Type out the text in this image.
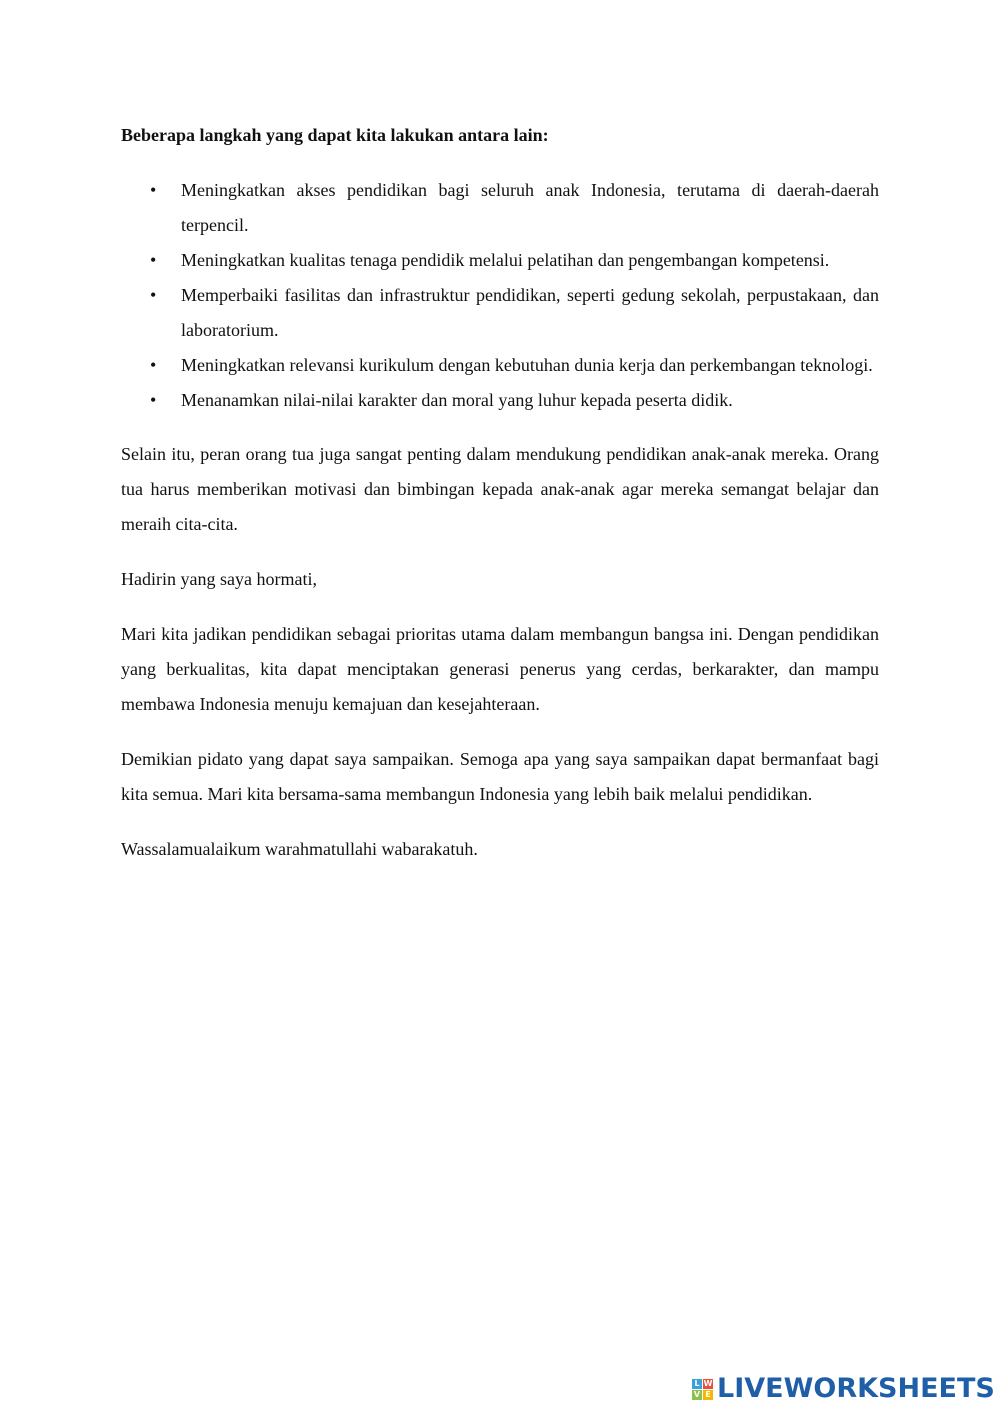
Beberapa langkah yang dapat kita lakukan antara lain:
• Meningkatkan akses pendidikan bagi seluruh anak Indonesia, terutama di daerah-daerah terpencil.
• Meningkatkan kualitas tenaga pendidik melalui pelatihan dan pengembangan kompetensi.
• Memperbaiki fasilitas dan infrastruktur pendidikan, seperti gedung sekolah, perpustakaan, dan laboratorium.
• Meningkatkan relevansi kurikulum dengan kebutuhan dunia kerja dan perkembangan teknologi.
• Menanamkan nilai-nilai karakter dan moral yang luhur kepada peserta didik.

Selain itu, peran orang tua juga sangat penting dalam mendukung pendidikan anak-anak mereka. Orang tua harus memberikan motivasi dan bimbingan kepada anak-anak agar mereka semangat belajar dan meraih cita-cita.

Hadirin yang saya hormati,

Mari kita jadikan pendidikan sebagai prioritas utama dalam membangun bangsa ini. Dengan pendidikan yang berkualitas, kita dapat menciptakan generasi penerus yang cerdas, berkarakter, dan mampu membawa Indonesia menuju kemajuan dan kesejahteraan.

Demikian pidato yang dapat saya sampaikan. Semoga apa yang saya sampaikan dapat bermanfaat bagi kita semua. Mari kita bersama-sama membangun Indonesia yang lebih baik melalui pendidikan.

Wassalamualaikum warahmatullahi wabarakatuh.

L W
V E LIVEWORKSHEETS
